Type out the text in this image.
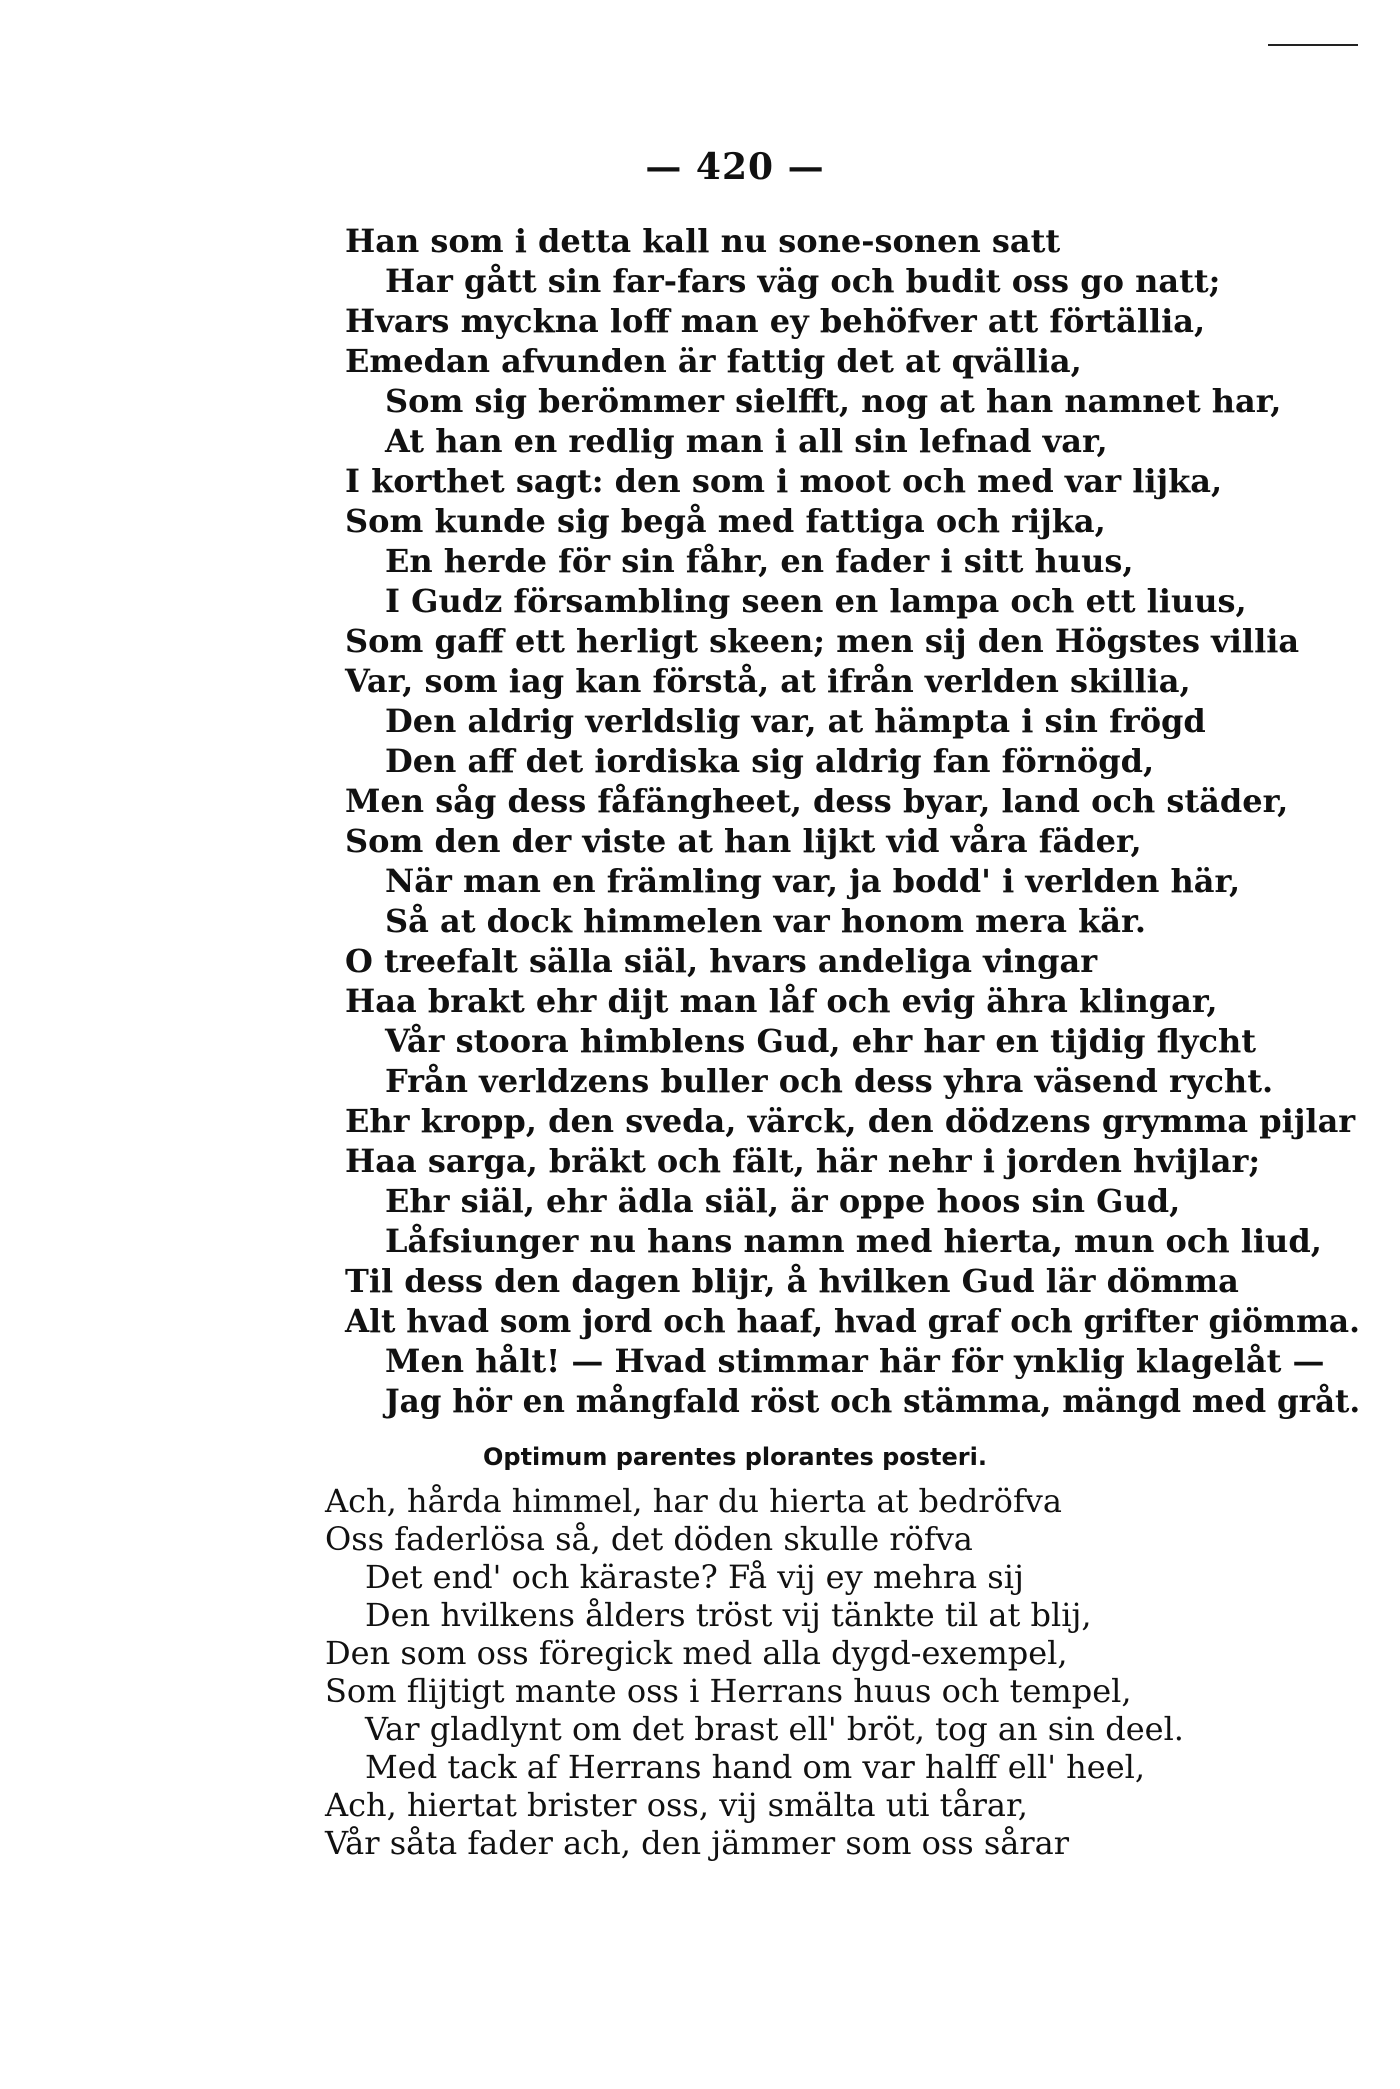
— 420 —
Han som i detta kall nu sone-sonen satt
Har gått sin far-fars väg och budit oss go natt;
Hvars myckna loff man ey behöfver att förtällia,
Emedan afvunden är fattig det at qvällia,
Som sig berömmer sielfft, nog at han namnet har,
At han en redlig man i all sin lefnad var,
I korthet sagt: den som i moot och med var lijka,
Som kunde sig begå med fattiga och rijka,
En herde för sin fåhr, en fader i sitt huus,
I Gudz försambling seen en lampa och ett liuus,
Som gaff ett herligt skeen; men sij den Högstes villia
Var, som iag kan förstå, at ifrån verlden skillia,
Den aldrig verldslig var, at hämpta i sin frögd
Den aff det iordiska sig aldrig fan förnögd,
Men såg dess fåfängheet, dess byar, land och städer,
Som den der viste at han lijkt vid våra fäder,
När man en främling var, ja bodd' i verlden här,
Så at dock himmelen var honom mera kär.
O treefalt sälla siäl, hvars andeliga vingar
Haa brakt ehr dijt man låf och evig ähra klingar,
Vår stoora himblens Gud, ehr har en tijdig flycht
Från verldzens buller och dess yhra väsend rycht.
Ehr kropp, den sveda, värck, den dödzens grymma pijlar
Haa sarga, bräkt och fält, här nehr i jorden hvijlar;
Ehr siäl, ehr ädla siäl, är oppe hoos sin Gud,
Låfsiunger nu hans namn med hierta, mun och liud,
Til dess den dagen blijr, å hvilken Gud lär dömma
Alt hvad som jord och haaf, hvad graf och grifter giömma.
Men hålt! — Hvad stimmar här för ynklig klagelåt —
Jag hör en mångfald röst och stämma, mängd med gråt.
Optimum parentes plorantes posteri.
Ach, hårda himmel, har du hierta at bedröfva
Oss faderlösa så, det döden skulle röfva
Det end' och käraste? Få vij ey mehra sij
Den hvilkens ålders tröst vij tänkte til at blij,
Den som oss föregick med alla dygd-exempel,
Som flijtigt mante oss i Herrans huus och tempel,
Var gladlynt om det brast ell' bröt, tog an sin deel.
Med tack af Herrans hand om var halff ell' heel,
Ach, hiertat brister oss, vij smälta uti tårar,
Vår såta fader ach, den jämmer som oss sårar
